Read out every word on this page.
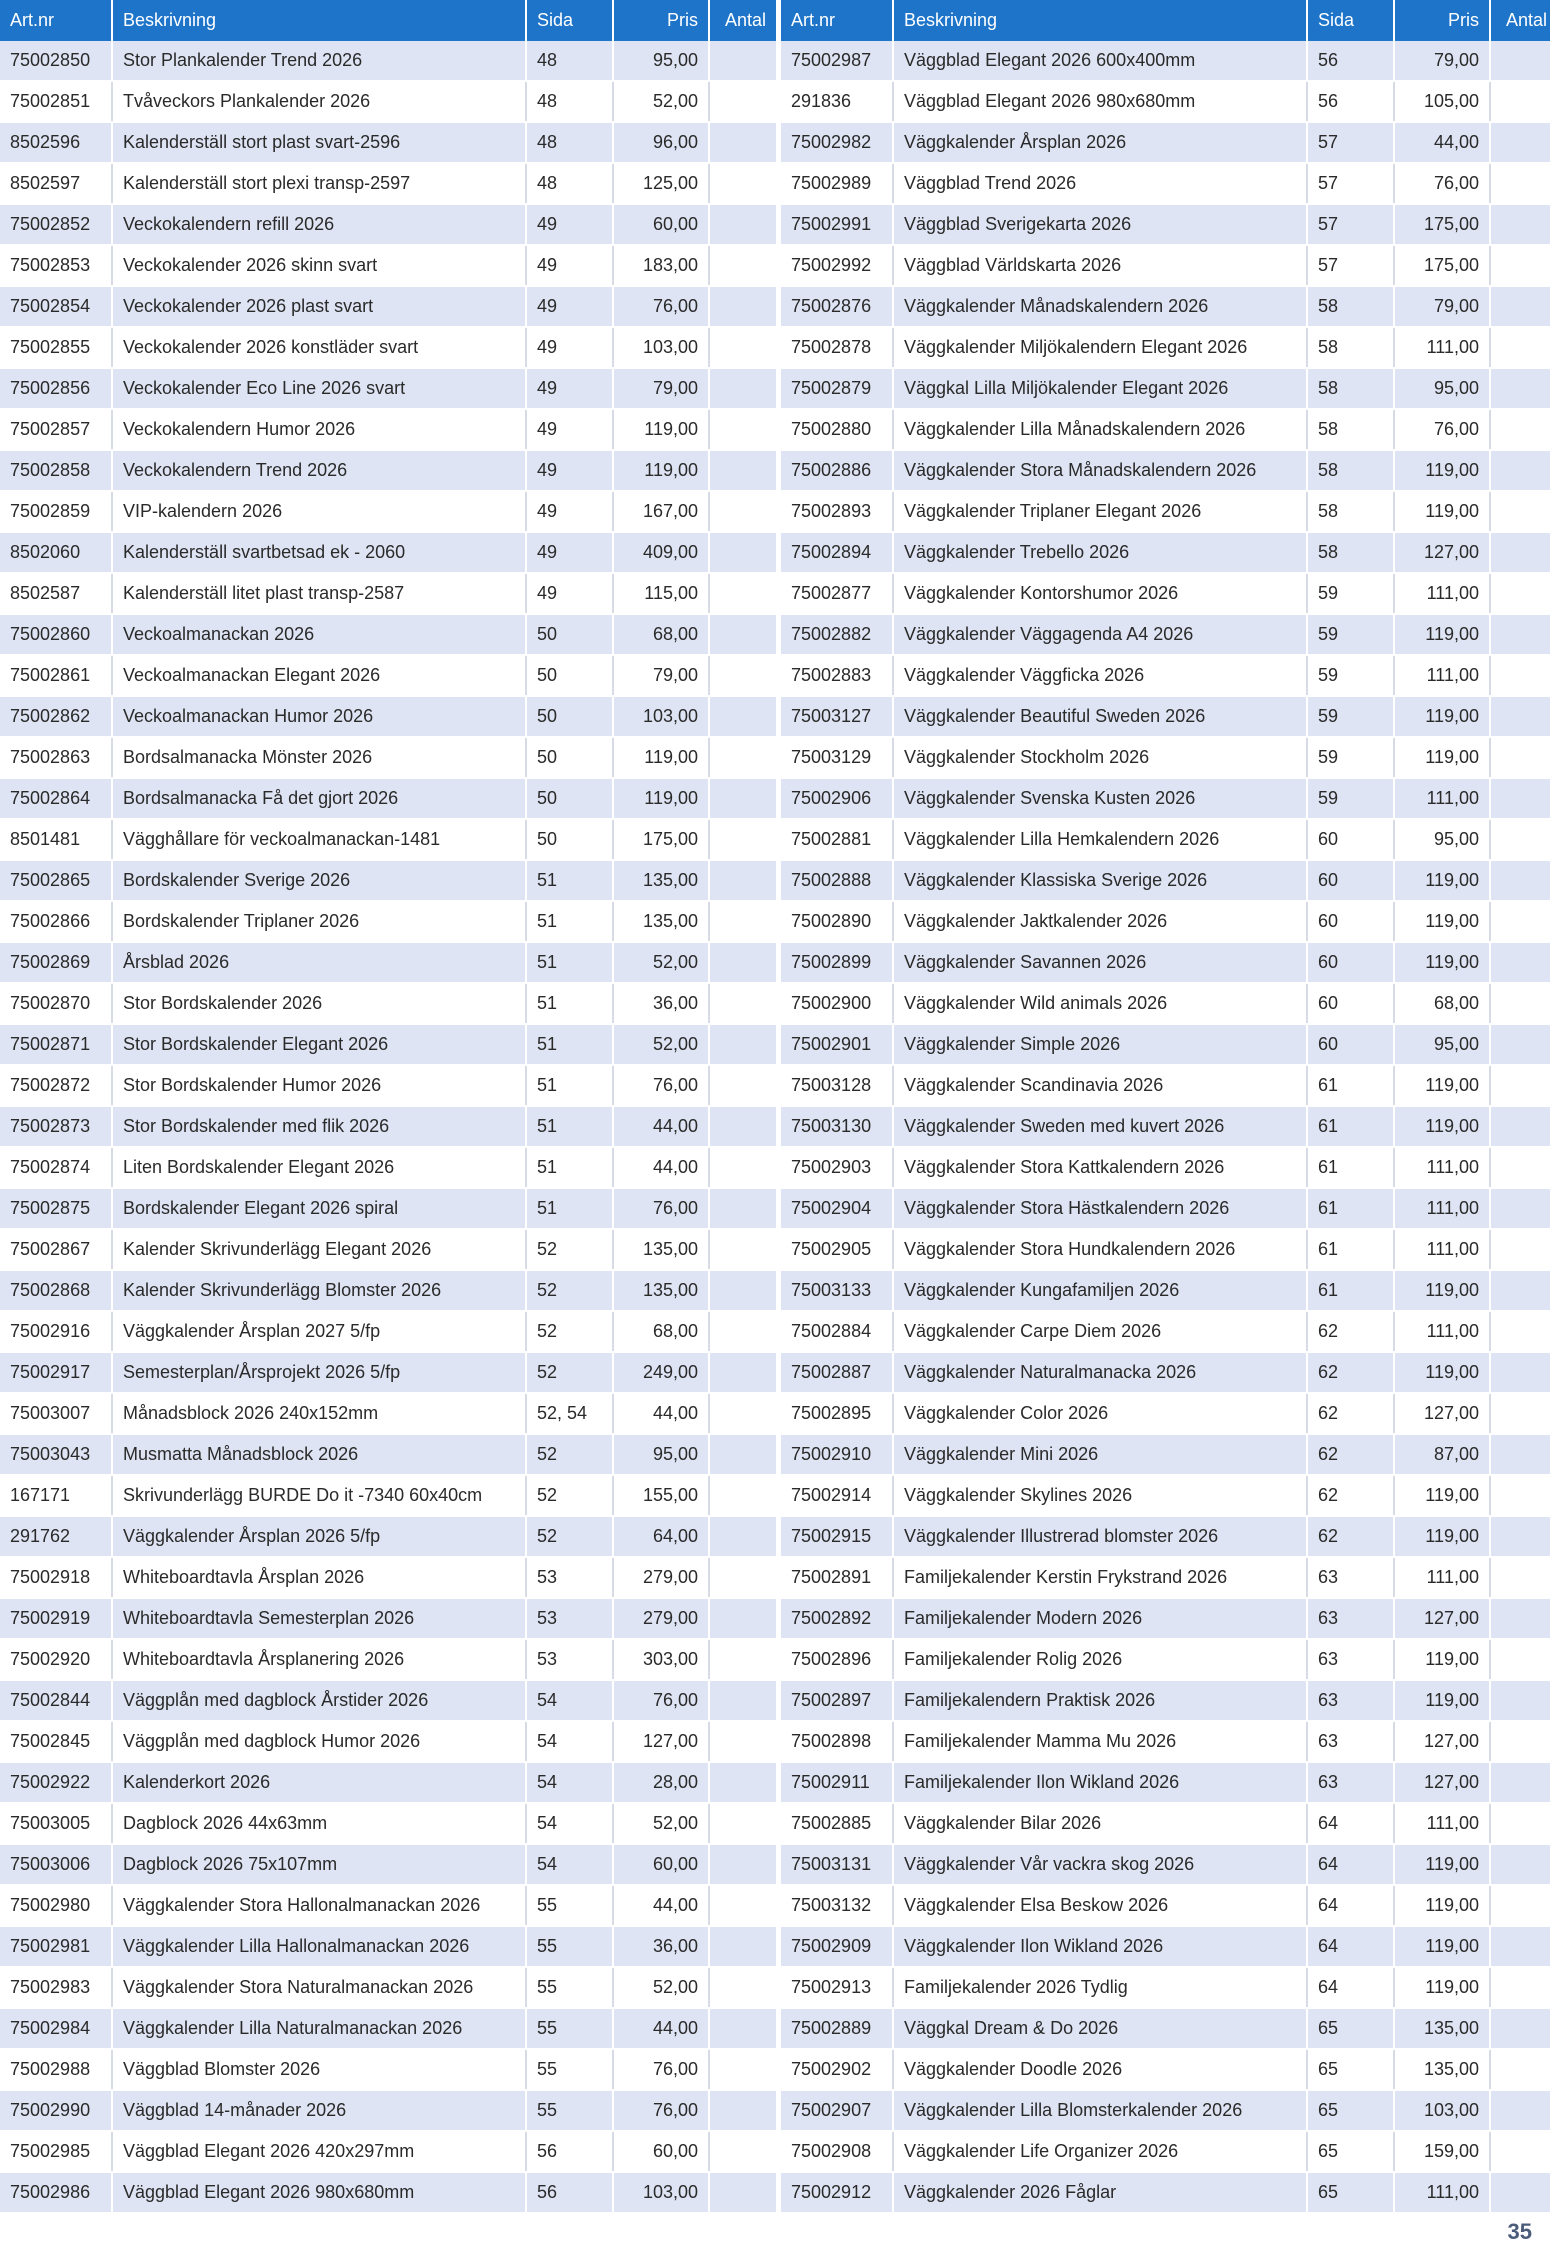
Art.nr	Beskrivning	Sida	Pris	Antal
75002850	Stor Plankalender Trend 2026	48	95,00	
75002851	Tvåveckors Plankalender 2026	48	52,00	
8502596	Kalenderställ stort plast svart-2596	48	96,00	
8502597	Kalenderställ stort plexi transp-2597	48	125,00	
75002852	Veckokalendern refill 2026	49	60,00	
75002853	Veckokalender 2026 skinn svart	49	183,00	
75002854	Veckokalender 2026 plast svart	49	76,00	
75002855	Veckokalender 2026 konstläder svart	49	103,00	
75002856	Veckokalender Eco Line 2026 svart	49	79,00	
75002857	Veckokalendern Humor 2026	49	119,00	
75002858	Veckokalendern Trend 2026	49	119,00	
75002859	VIP-kalendern 2026	49	167,00	
8502060	Kalenderställ svartbetsad ek - 2060	49	409,00	
8502587	Kalenderställ litet plast transp-2587	49	115,00	
75002860	Veckoalmanackan 2026	50	68,00	
75002861	Veckoalmanackan Elegant 2026	50	79,00	
75002862	Veckoalmanackan Humor 2026	50	103,00	
75002863	Bordsalmanacka Mönster 2026	50	119,00	
75002864	Bordsalmanacka Få det gjort 2026	50	119,00	
8501481	Vägghållare för veckoalmanackan-1481	50	175,00	
75002865	Bordskalender Sverige 2026	51	135,00	
75002866	Bordskalender Triplaner 2026	51	135,00	
75002869	Årsblad 2026	51	52,00	
75002870	Stor Bordskalender 2026	51	36,00	
75002871	Stor Bordskalender Elegant 2026	51	52,00	
75002872	Stor Bordskalender Humor 2026	51	76,00	
75002873	Stor Bordskalender med flik 2026	51	44,00	
75002874	Liten Bordskalender Elegant 2026	51	44,00	
75002875	Bordskalender Elegant 2026 spiral	51	76,00	
75002867	Kalender Skrivunderlägg Elegant 2026	52	135,00	
75002868	Kalender Skrivunderlägg Blomster 2026	52	135,00	
75002916	Väggkalender Årsplan 2027 5/fp	52	68,00	
75002917	Semesterplan/Årsprojekt 2026 5/fp	52	249,00	
75003007	Månadsblock 2026 240x152mm	52, 54	44,00	
75003043	Musmatta Månadsblock 2026	52	95,00	
167171	Skrivunderlägg BURDE Do it -7340 60x40cm	52	155,00	
291762	Väggkalender Årsplan 2026 5/fp	52	64,00	
75002918	Whiteboardtavla Årsplan 2026	53	279,00	
75002919	Whiteboardtavla Semesterplan 2026	53	279,00	
75002920	Whiteboardtavla Årsplanering 2026	53	303,00	
75002844	Väggplån med dagblock Årstider 2026	54	76,00	
75002845	Väggplån med dagblock Humor 2026	54	127,00	
75002922	Kalenderkort 2026	54	28,00	
75003005	Dagblock 2026 44x63mm	54	52,00	
75003006	Dagblock 2026 75x107mm	54	60,00	
75002980	Väggkalender Stora Hallonalmanackan 2026	55	44,00	
75002981	Väggkalender Lilla Hallonalmanackan 2026	55	36,00	
75002983	Väggkalender Stora Naturalmanackan 2026	55	52,00	
75002984	Väggkalender Lilla Naturalmanackan 2026	55	44,00	
75002988	Väggblad Blomster 2026	55	76,00	
75002990	Väggblad 14-månader 2026	55	76,00	
75002985	Väggblad Elegant 2026 420x297mm	56	60,00	
75002986	Väggblad Elegant 2026 980x680mm	56	103,00	
Art.nr	Beskrivning	Sida	Pris	Antal
75002987	Väggblad Elegant 2026 600x400mm	56	79,00	
291836	Väggblad Elegant 2026 980x680mm	56	105,00	
75002982	Väggkalender Årsplan 2026	57	44,00	
75002989	Väggblad Trend 2026	57	76,00	
75002991	Väggblad Sverigekarta 2026	57	175,00	
75002992	Väggblad Världskarta 2026	57	175,00	
75002876	Väggkalender Månadskalendern 2026	58	79,00	
75002878	Väggkalender Miljökalendern Elegant 2026	58	111,00	
75002879	Väggkal Lilla Miljökalender Elegant 2026	58	95,00	
75002880	Väggkalender Lilla Månadskalendern 2026	58	76,00	
75002886	Väggkalender Stora Månadskalendern 2026	58	119,00	
75002893	Väggkalender Triplaner Elegant 2026	58	119,00	
75002894	Väggkalender Trebello 2026	58	127,00	
75002877	Väggkalender Kontorshumor 2026	59	111,00	
75002882	Väggkalender Väggagenda A4 2026	59	119,00	
75002883	Väggkalender Väggficka 2026	59	111,00	
75003127	Väggkalender Beautiful Sweden 2026	59	119,00	
75003129	Väggkalender Stockholm 2026	59	119,00	
75002906	Väggkalender Svenska Kusten 2026	59	111,00	
75002881	Väggkalender Lilla Hemkalendern 2026	60	95,00	
75002888	Väggkalender Klassiska Sverige 2026	60	119,00	
75002890	Väggkalender Jaktkalender 2026	60	119,00	
75002899	Väggkalender Savannen 2026	60	119,00	
75002900	Väggkalender Wild animals 2026	60	68,00	
75002901	Väggkalender Simple 2026	60	95,00	
75003128	Väggkalender Scandinavia 2026	61	119,00	
75003130	Väggkalender Sweden med kuvert 2026	61	119,00	
75002903	Väggkalender Stora Kattkalendern 2026	61	111,00	
75002904	Väggkalender Stora Hästkalendern 2026	61	111,00	
75002905	Väggkalender Stora Hundkalendern 2026	61	111,00	
75003133	Väggkalender Kungafamiljen 2026	61	119,00	
75002884	Väggkalender Carpe Diem 2026	62	111,00	
75002887	Väggkalender Naturalmanacka 2026	62	119,00	
75002895	Väggkalender Color 2026	62	127,00	
75002910	Väggkalender Mini 2026	62	87,00	
75002914	Väggkalender Skylines 2026	62	119,00	
75002915	Väggkalender Illustrerad blomster 2026	62	119,00	
75002891	Familjekalender Kerstin Frykstrand 2026	63	111,00	
75002892	Familjekalender Modern 2026	63	127,00	
75002896	Familjekalender Rolig 2026	63	119,00	
75002897	Familjekalendern Praktisk 2026	63	119,00	
75002898	Familjekalender Mamma Mu 2026	63	127,00	
75002911	Familjekalender Ilon Wikland 2026	63	127,00	
75002885	Väggkalender Bilar 2026	64	111,00	
75003131	Väggkalender Vår vackra skog 2026	64	119,00	
75003132	Väggkalender Elsa Beskow 2026	64	119,00	
75002909	Väggkalender Ilon Wikland 2026	64	119,00	
75002913	Familjekalender 2026 Tydlig	64	119,00	
75002889	Väggkal Dream & Do 2026	65	135,00	
75002902	Väggkalender Doodle 2026	65	135,00	
75002907	Väggkalender Lilla Blomsterkalender 2026	65	103,00	
75002908	Väggkalender Life Organizer 2026	65	159,00	
75002912	Väggkalender 2026 Fåglar	65	111,00	
35
